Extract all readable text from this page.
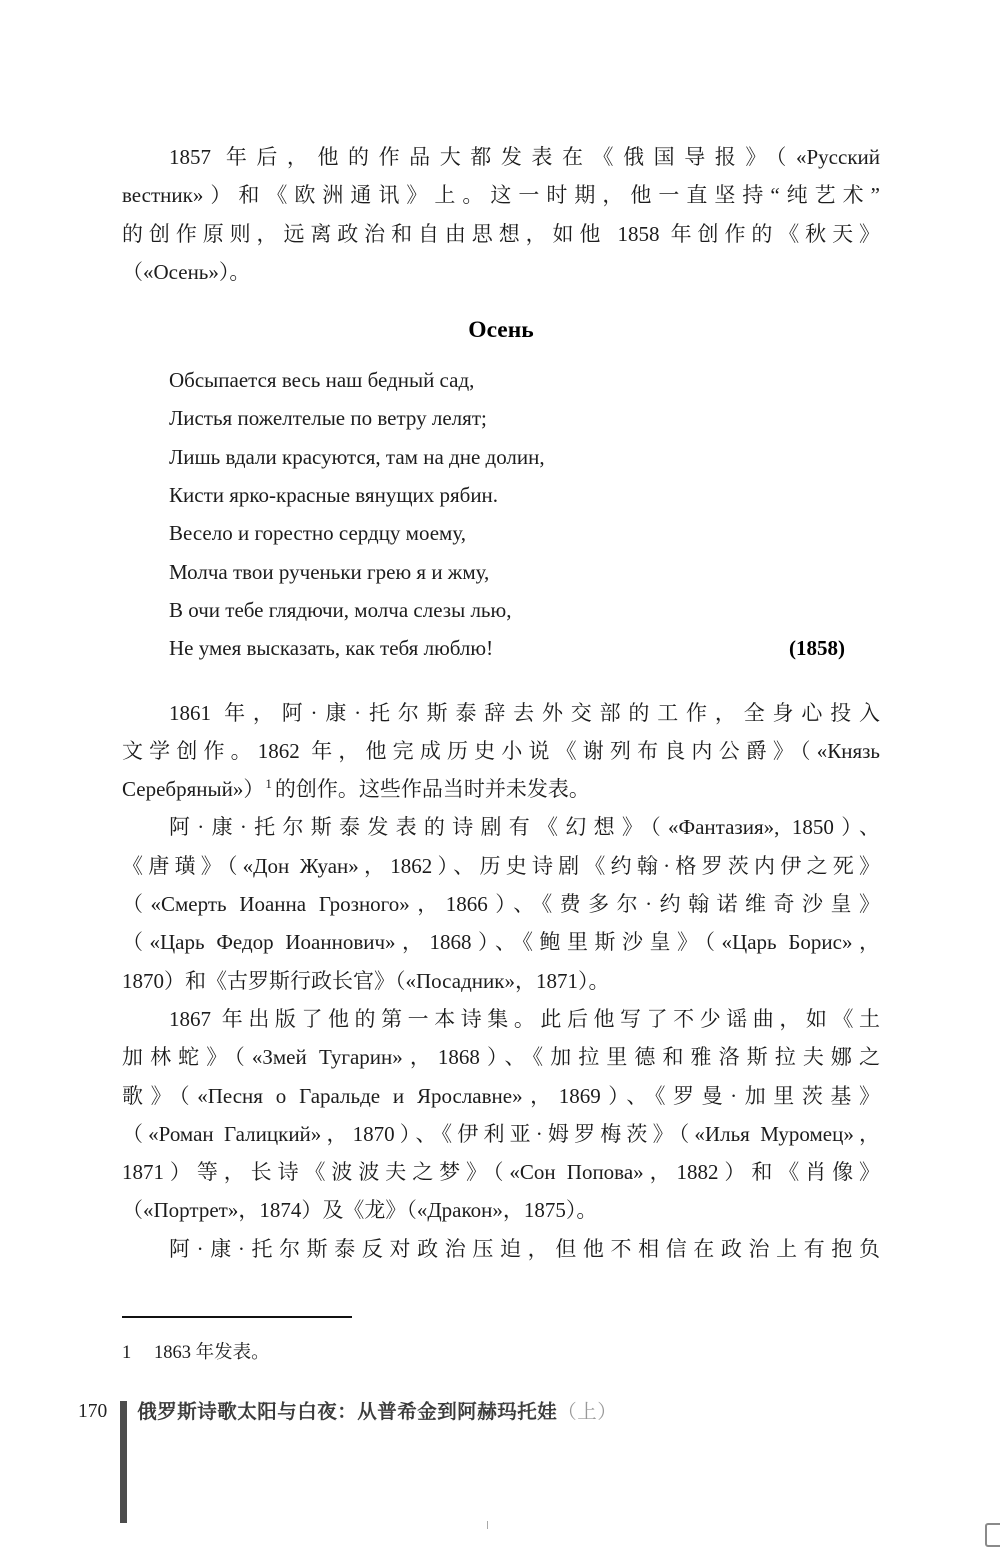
1857 年后，他的作品大都发表在《俄国导报》（«Русский
вестник»）和《欧洲通讯》上。这一时期，他一直坚持“纯艺术”
的创作原则，远离政治和自由思想，如他 1858 年创作的《秋天》
（«Осень»）。
Осень
Обсыпается весь наш бедный сад,
Листья пожелтелые по ветру лелят;
Лишь вдали красуются, там на дне долин,
Кисти ярко-красные вянущих рябин.
Весело и горестно сердцу моему,
Молча твои рученьки грею я и жму,
В очи тебе глядючи, молча слезы лью,
Не умея высказать, как тебя люблю!	(1858)
1861 年，阿·康·托尔斯泰辞去外交部的工作，全身心投入
文学创作。1862 年，他完成历史小说《谢列布良内公爵》（«Князь
Серебряный»）$^1$ 的创作。这些作品当时并未发表。
阿·康·托尔斯泰发表的诗剧有《幻想》（«Фантазия», 1850）、
《唐璜》（«Дон Жуан»，1862）、历史诗剧《约翰·格罗茨内伊之死》
（«Смерть Иоанна Грозного»，1866）、《费多尔·约翰诺维奇沙皇》
（«Царь Федор Иоаннович»，1868）、《鲍里斯沙皇》（«Царь Борис»，
1870）和《古罗斯行政长官》（«Посадник»，1871）。
1867 年出版了他的第一本诗集。此后他写了不少谣曲，如《土
加林蛇》（«Змей Тугарин»，1868）、《加拉里德和雅洛斯拉夫娜之
歌》（«Песня о Гаральде и Ярославне»，1869）、《罗曼·加里茨基》
（«Роман Галицкий»，1870）、《伊利亚·姆罗梅茨》（«Илья Муромец»，
1871）等，长诗《波波夫之梦》（«Сон Попова»，1882）和《肖像》
（«Портрет»，1874）及《龙》（«Дракон»，1875）。
阿·康·托尔斯泰反对政治压迫，但他不相信在政治上有抱负
1	1863 年发表。
170 俄罗斯诗歌太阳与白夜：从普希金到阿赫玛托娃（上）
